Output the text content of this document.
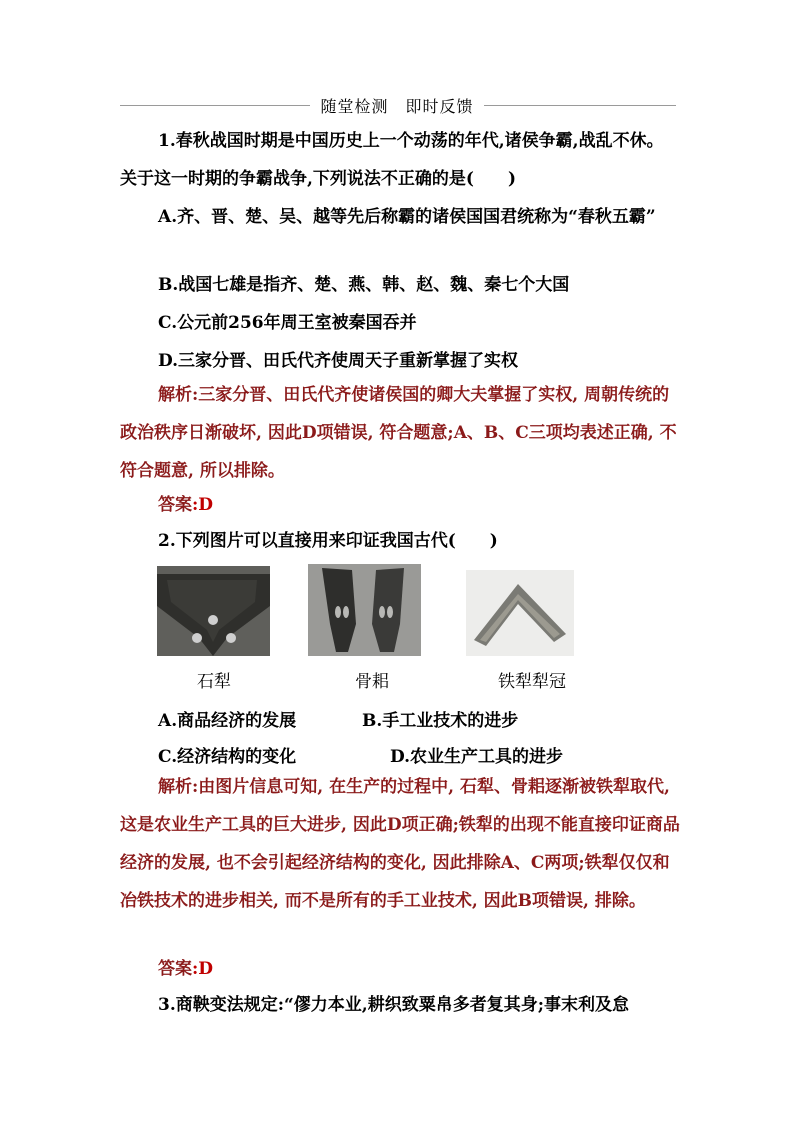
随堂检测　即时反馈

1.春秋战国时期是中国历史上一个动荡的年代,诸侯争霸,战乱不休。关于这一时期的争霸战争,下列说法不正确的是(　　)

A.齐、晋、楚、吴、越等先后称霸的诸侯国国君统称为“春秋五霸”

B.战国七雄是指齐、楚、燕、韩、赵、魏、秦七个大国

C.公元前256年周王室被秦国吞并

D.三家分晋、田氏代齐使周天子重新掌握了实权

解析:三家分晋、田氏代齐使诸侯国的卿大夫掌握了实权, 周朝传统的政治秩序日渐破坏, 因此D项错误, 符合题意;A、B、C三项均表述正确, 不符合题意, 所以排除。

答案:D

2.下列图片可以直接用来印证我国古代(　　)

石犁	骨耜	铁犁犁冠
A.商品经济的发展	B.手工业技术的进步
C.经济结构的变化	D.农业生产工具的进步

解析:由图片信息可知, 在生产的过程中, 石犁、骨耜逐渐被铁犁取代, 这是农业生产工具的巨大进步, 因此D项正确;铁犁的出现不能直接印证商品经济的发展, 也不会引起经济结构的变化, 因此排除A、C两项;铁犁仅仅和冶铁技术的进步相关, 而不是所有的手工业技术, 因此B项错误, 排除。

答案:D

3.商鞅变法规定:“僇力本业,耕织致粟帛多者复其身;事末利及怠
